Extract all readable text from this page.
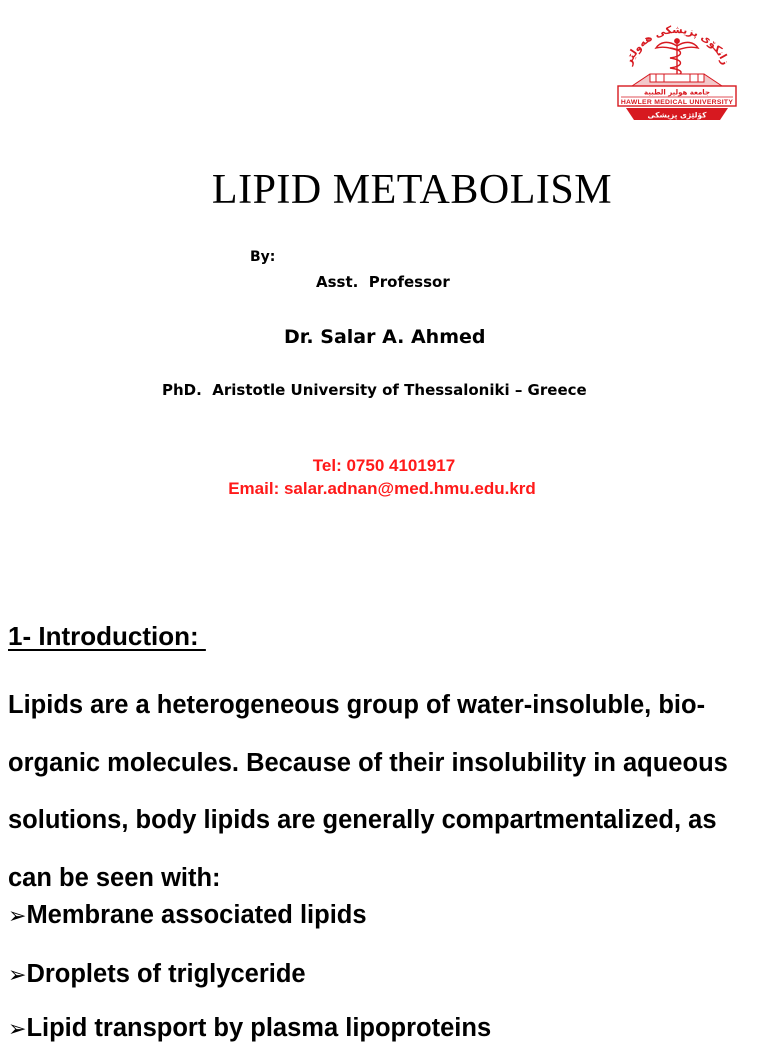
زانكۆی پزیشكی هەولێر
جامعة هولير الطبية
HAWLER MEDICAL UNIVERSITY
كۆلێژی پزیشكی
LIPID METABOLISM
By:
Asst.  Professor
Dr. Salar A. Ahmed
PhD.  Aristotle University of Thessaloniki – Greece
Tel: 0750 4101917
Email: salar.adnan@med.hmu.edu.krd
1- Introduction:
Lipids are a heterogeneous group of water-insoluble, bio-organic molecules. Because of their insolubility in aqueous solutions, body lipids are generally compartmentalized, as can be seen with:
➢Membrane associated lipids
➢Droplets of triglyceride
➢Lipid transport by plasma lipoproteins
